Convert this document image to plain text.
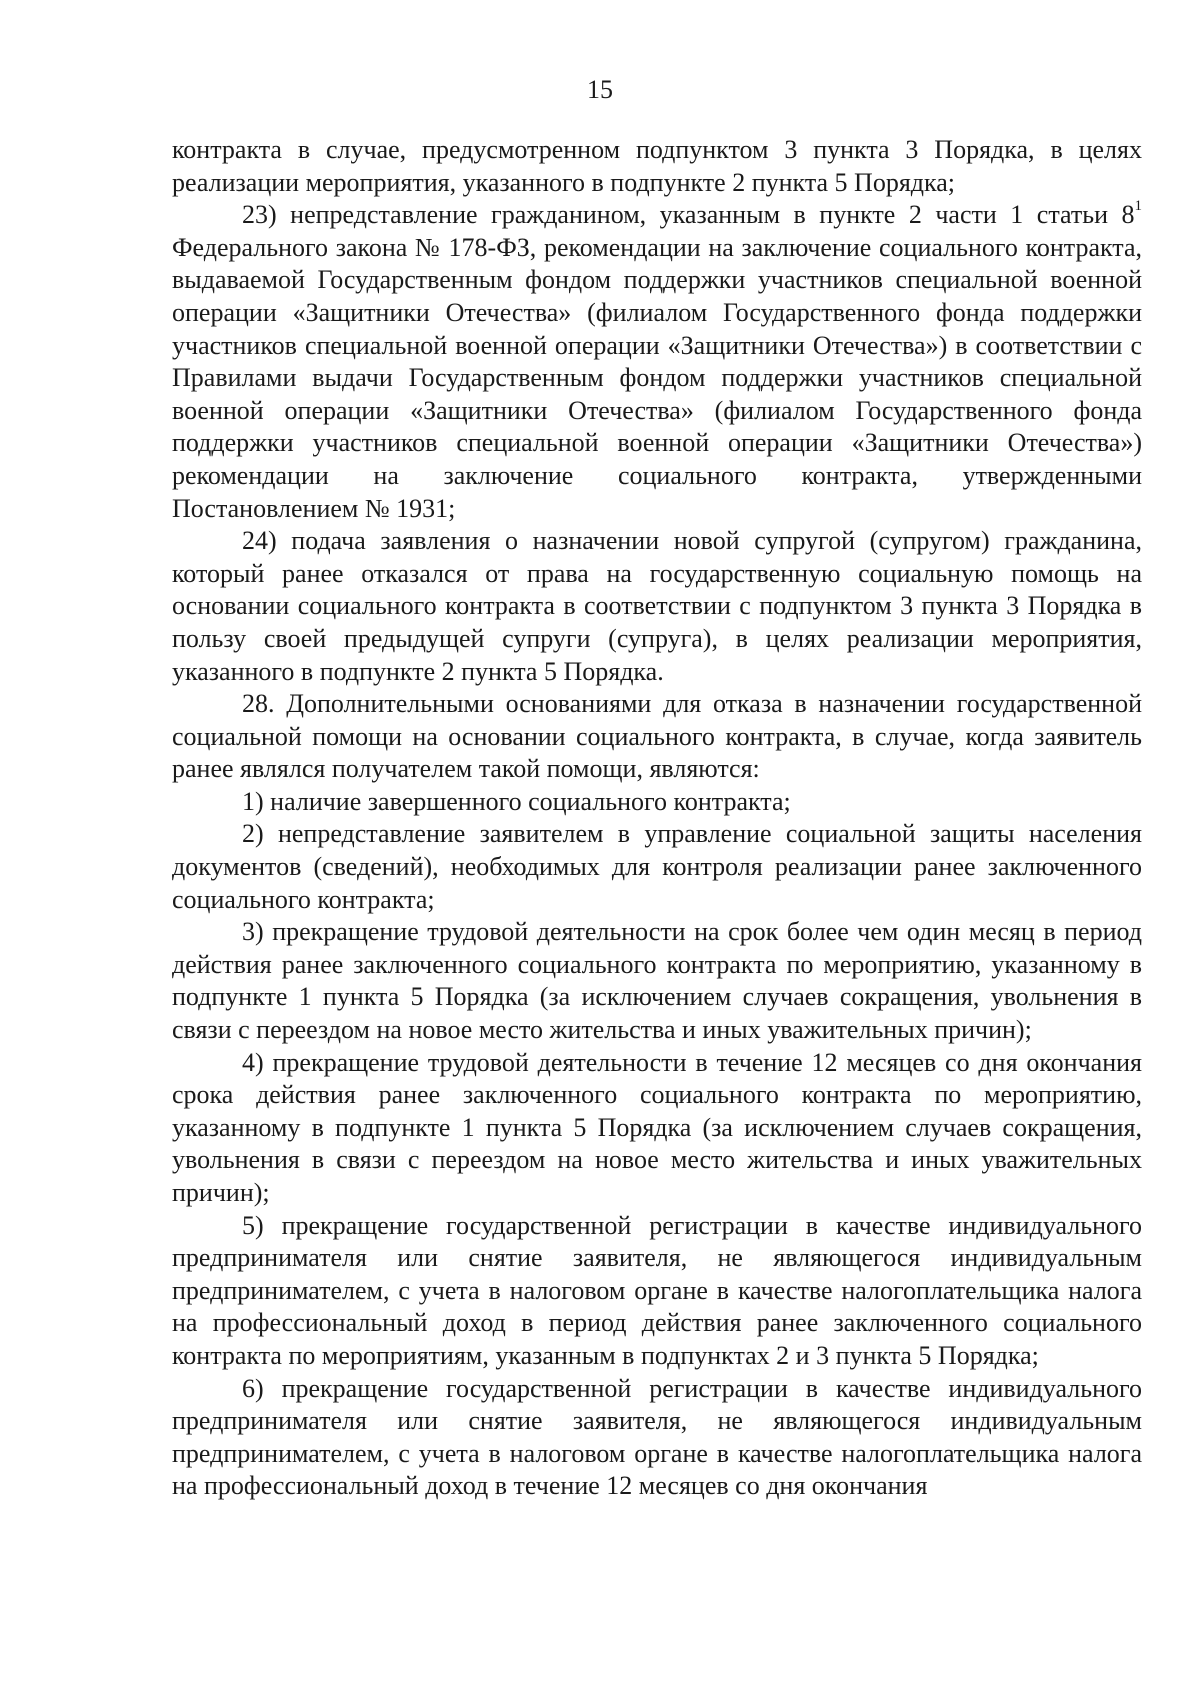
15

контракта в случае, предусмотренном подпунктом 3 пункта 3 Порядка, в целях реализации мероприятия, указанного в подпункте 2 пункта 5 Порядка;

23) непредставление гражданином, указанным в пункте 2 части 1 статьи $8^1$ Федерального закона № 178-ФЗ, рекомендации на заключение социального контракта, выдаваемой Государственным фондом поддержки участников специальной военной операции «Защитники Отечества» (филиалом Государственного фонда поддержки участников специальной военной операции «Защитники Отечества») в соответствии с Правилами выдачи Государственным фондом поддержки участников специальной военной операции «Защитники Отечества» (филиалом Государственного фонда поддержки участников специальной военной операции «Защитники Отечества») рекомендации на заключение социального контракта, утвержденными Постановлением № 1931;

24) подача заявления о назначении новой супругой (супругом) гражданина, который ранее отказался от права на государственную социальную помощь на основании социального контракта в соответствии с подпунктом 3 пункта 3 Порядка в пользу своей предыдущей супруги (супруга), в целях реализации мероприятия, указанного в подпункте 2 пункта 5 Порядка.

28. Дополнительными основаниями для отказа в назначении государственной социальной помощи на основании социального контракта, в случае, когда заявитель ранее являлся получателем такой помощи, являются:

1) наличие завершенного социального контракта;

2) непредставление заявителем в управление социальной защиты населения документов (сведений), необходимых для контроля реализации ранее заключенного социального контракта;

3) прекращение трудовой деятельности на срок более чем один месяц в период действия ранее заключенного социального контракта по мероприятию, указанному в подпункте 1 пункта 5 Порядка (за исключением случаев сокращения, увольнения в связи с переездом на новое место жительства и иных уважительных причин);

4) прекращение трудовой деятельности в течение 12 месяцев со дня окончания срока действия ранее заключенного социального контракта по мероприятию, указанному в подпункте 1 пункта 5 Порядка (за исключением случаев сокращения, увольнения в связи с переездом на новое место жительства и иных уважительных причин);

5) прекращение государственной регистрации в качестве индивидуального предпринимателя или снятие заявителя, не являющегося индивидуальным предпринимателем, с учета в налоговом органе в качестве налогоплательщика налога на профессиональный доход в период действия ранее заключенного социального контракта по мероприятиям, указанным в подпунктах 2 и 3 пункта 5 Порядка;

6) прекращение государственной регистрации в качестве индивидуального предпринимателя или снятие заявителя, не являющегося индивидуальным предпринимателем, с учета в налоговом органе в качестве налогоплательщика налога на профессиональный доход в течение 12 месяцев со дня окончания
